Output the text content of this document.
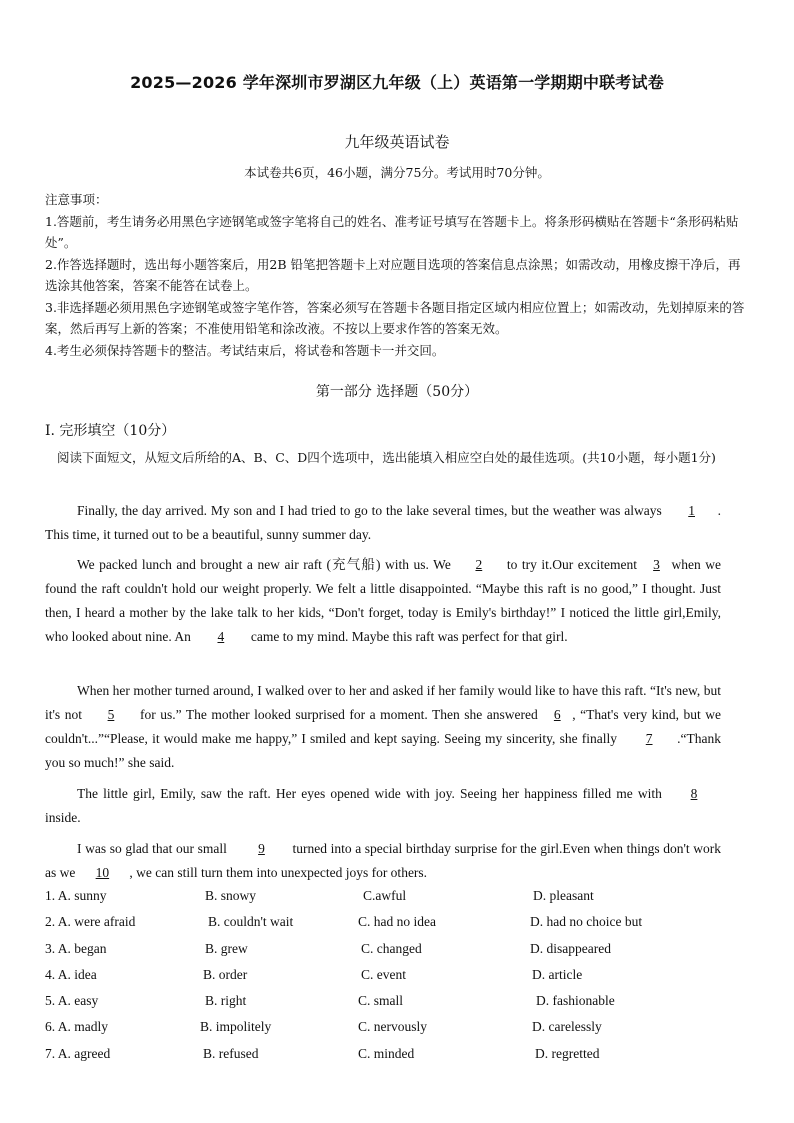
2025—2026 学年深圳市罗湖区九年级（上）英语第一学期期中联考试卷
九年级英语试卷
本试卷共6页，46小题，满分75分。考试用时70分钟。

注意事项：

1.答题前，考生请务必用黑色字迹钢笔或签字笔将自己的姓名、准考证号填写在答题卡上。将条形码横贴在答题卡“条形码粘贴处”。

2.作答选择题时，选出每小题答案后，用2B 铅笔把答题卡上对应题目选项的答案信息点涂黑；如需改动，用橡皮擦干净后，再选涂其他答案，答案不能答在试卷上。

3.非选择题必须用黑色字迹钢笔或签字笔作答，答案必须写在答题卡各题目指定区域内相应位置上；如需改动，先划掉原来的答案，然后再写上新的答案；不准使用铅笔和涂改液。不按以上要求作答的答案无效。

4.考生必须保持答题卡的整洁。考试结束后，将试卷和答题卡一并交回。

第一部分 选择题（50分）
I. 完形填空（10分）
阅读下面短文，从短文后所给的A、B、C、D四个选项中，选出能填入相应空白处的最佳选项。(共10小题，每小题1分)
Finally, the day arrived. My son and I had tried to go to the lake several times, but the weather was always 1 . This time, it turned out to be a beautiful, sunny summer day.
We packed lunch and brought a new air raft (充气船) with us. We 2 to try it.Our excitement 3 when we found the raft couldn't hold our weight properly. We felt a little disappointed. “Maybe this raft is no good,” I thought. Just then, I heard a mother by the lake talk to her kids, “Don't forget, today is Emily's birthday!” I noticed the little girl,Emily, who looked about nine. An 4 came to my mind. Maybe this raft was perfect for that girl.
When her mother turned around, I walked over to her and asked if her family would like to have this raft. “It's new, but it's not 5 for us.” The mother looked surprised for a moment. Then she answered 6 , “That's very kind, but we couldn't...”“Please, it would make me happy,” I smiled and kept saying. Seeing my sincerity, she finally 7 .“Thank you so much!” she said.
The little girl, Emily, saw the raft. Her eyes opened wide with joy. Seeing her happiness filled me with 8inside.
I was so glad that our small 9 turned into a special birthday surprise for the girl.Even when things don't work as we 10 , we can still turn them into unexpected joys for others.
1. A. sunny	B. snowy	C.awful	D. pleasant
2. A. were afraid	B. couldn't wait	C. had no idea	D. had no choice but
3. A. began	B. grew	C. changed	D. disappeared
4. A. idea	B. order	C. event	D. article
5. A. easy	B. right	C. small	D. fashionable
6. A. madly	B. impolitely	C. nervously	D. carelessly
7. A. agreed	B. refused	C. minded	D. regretted
